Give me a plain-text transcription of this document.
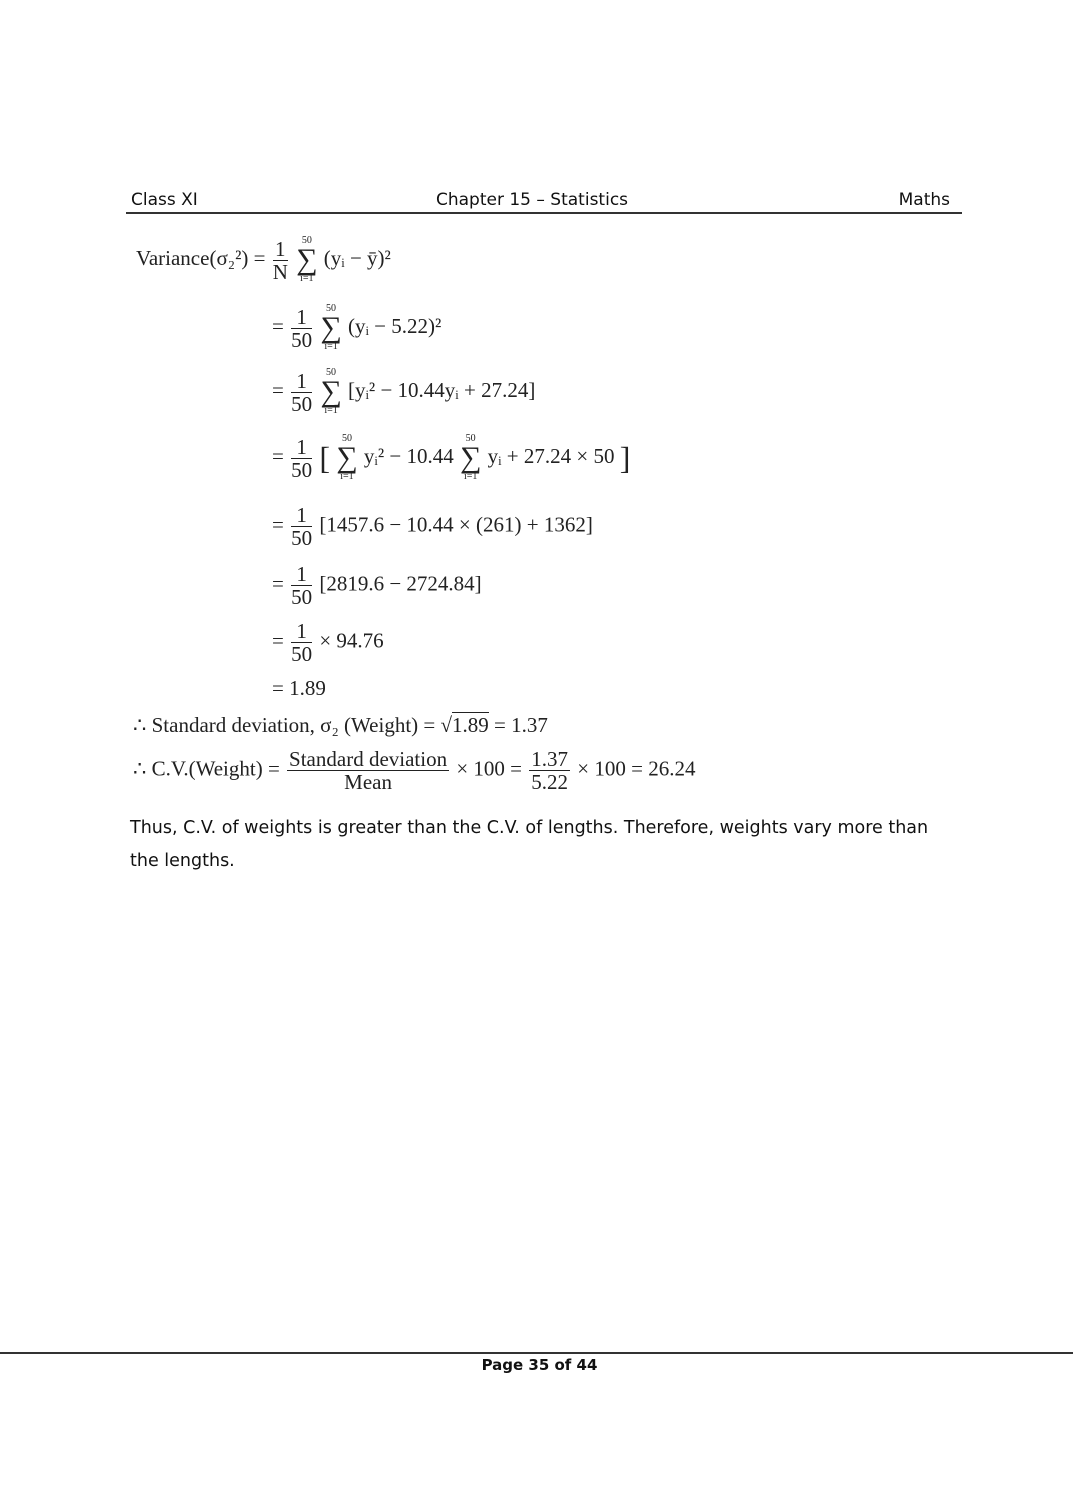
Class XI	Chapter 15 – Statistics	Maths
Variance(σ₂²) = $\frac{1}{N}$
	50
∑
i=1
(yᵢ − ȳ)²
= $\frac{1}{50}$
	50
∑
i=1
(yᵢ − 5.22)²
= $\frac{1}{50}$
	50
∑
i=1
[yᵢ² − 10.44yᵢ + 27.24]
= $\frac{1}{50}$ [
50
∑
i=1
yᵢ² − 10.44
50
∑
i=1
yᵢ + 27.24 × 50 ]
= $\frac{1}{50} [1457.6 - 10.44 \times (261) + 1362]$
= $\frac{1}{50} [2819.6 - 2724.84]$
= $\frac{1}{50} \times 94.76$
= 1.89
∴ Standard deviation, σ₂ (Weight) = √1.89 = 1.37
∴ C.V.(Weight) = $\frac{\text{Standard deviation}}{\text{Mean}} \times 100 = \frac{1.37}{5.22} \times 100 = 26.24$
Thus, C.V. of weights is greater than the C.V. of lengths. Therefore, weights vary more than the lengths.
Page 35 of 44
